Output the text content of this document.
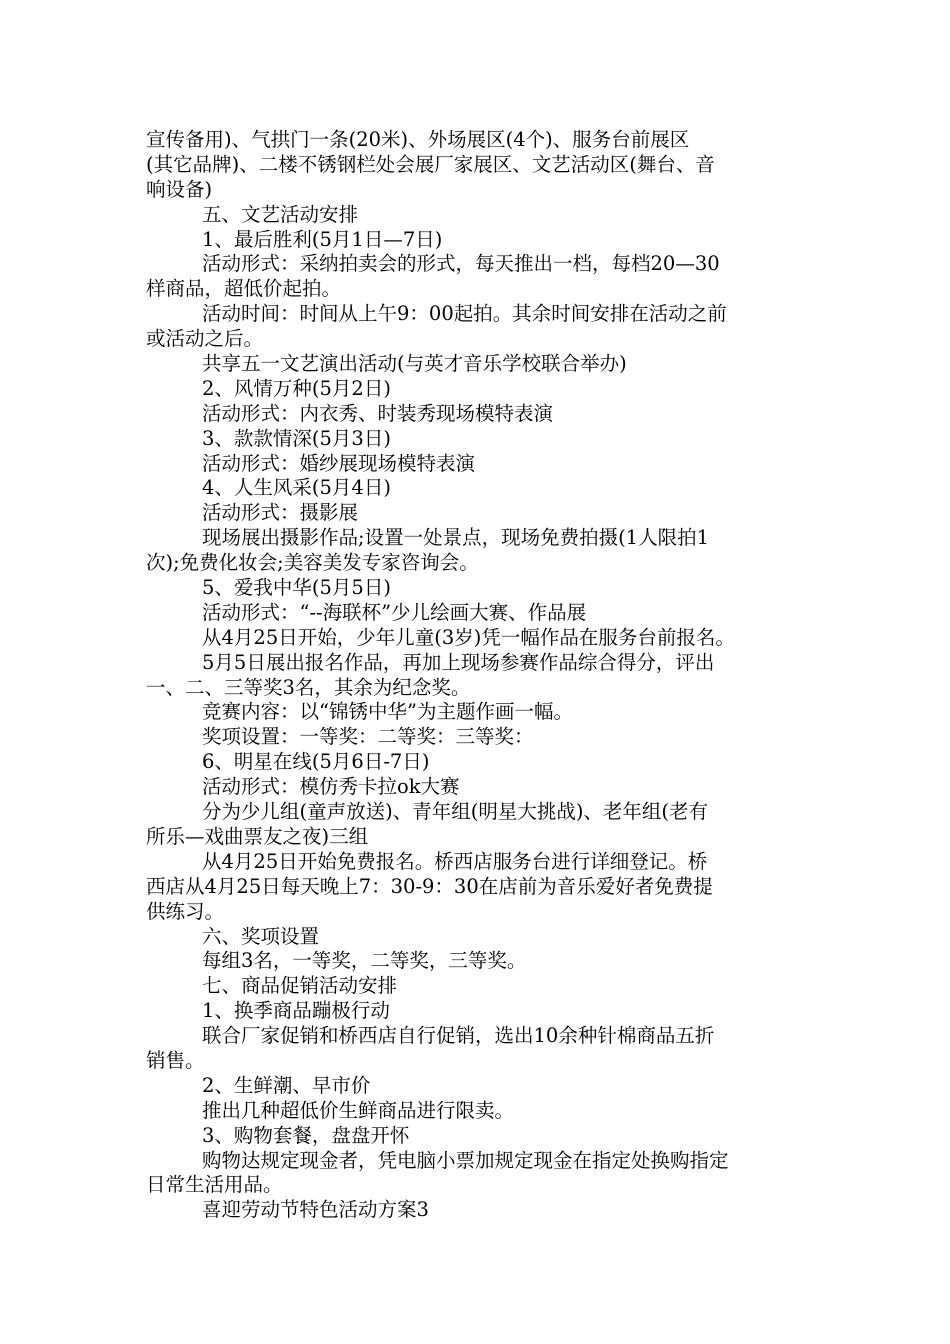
宣传备用)、气拱门一条(20米)、外场展区(4个)、服务台前展区
(其它品牌)、二楼不锈钢栏处会展厂家展区、文艺活动区(舞台、音
响设备)
五、文艺活动安排
1、最后胜利(5月1日—7日)
活动形式：采纳拍卖会的形式，每天推出一档，每档20—30
样商品，超低价起拍。
活动时间：时间从上午9：00起拍。其余时间安排在活动之前
或活动之后。
共享五一文艺演出活动(与英才音乐学校联合举办)
2、风情万种(5月2日)
活动形式：内衣秀、时装秀现场模特表演
3、款款情深(5月3日)
活动形式：婚纱展现场模特表演
4、人生风采(5月4日)
活动形式：摄影展
现场展出摄影作品;设置一处景点，现场免费拍摄(1人限拍1
次);免费化妆会;美容美发专家咨询会。
5、爱我中华(5月5日)
活动形式：“--海联杯”少儿绘画大赛、作品展
从4月25日开始，少年儿童(3岁)凭一幅作品在服务台前报名。
5月5日展出报名作品，再加上现场参赛作品综合得分，评出
一、二、三等奖3名，其余为纪念奖。
竞赛内容：以“锦锈中华”为主题作画一幅。
奖项设置：一等奖：二等奖：三等奖：
6、明星在线(5月6日-7日)
活动形式：模仿秀卡拉ok大赛
分为少儿组(童声放送)、青年组(明星大挑战)、老年组(老有
所乐—戏曲票友之夜)三组
从4月25日开始免费报名。桥西店服务台进行详细登记。桥
西店从4月25日每天晚上7：30-9：30在店前为音乐爱好者免费提
供练习。
六、奖项设置
每组3名，一等奖，二等奖，三等奖。
七、商品促销活动安排
1、换季商品蹦极行动
联合厂家促销和桥西店自行促销，选出10余种针棉商品五折
销售。
2、生鲜潮、早市价
推出几种超低价生鲜商品进行限卖。
3、购物套餐，盘盘开怀
购物达规定现金者，凭电脑小票加规定现金在指定处换购指定
日常生活用品。
喜迎劳动节特色活动方案3
